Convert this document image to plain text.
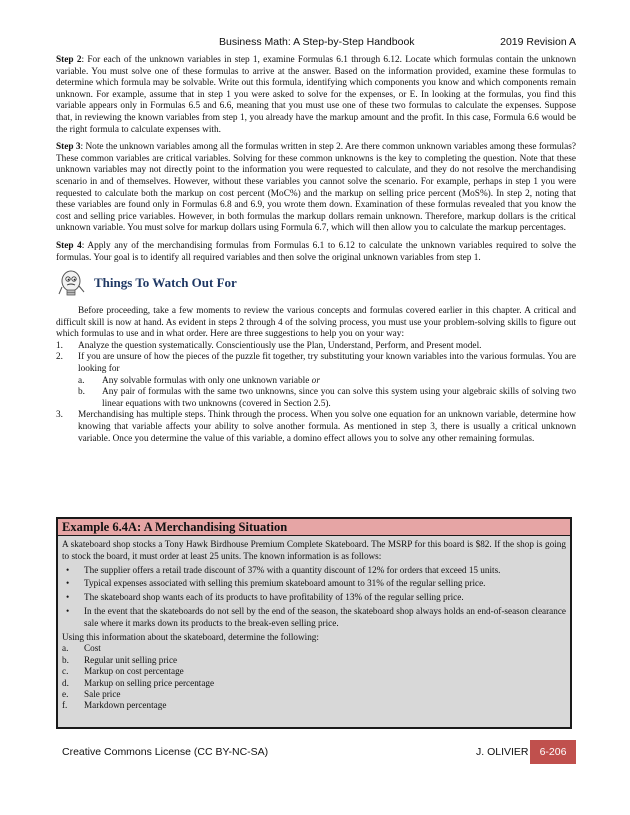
Business Math: A Step-by-Step Handbook	2019 Revision A

Step 2: For each of the unknown variables in step 1, examine Formulas 6.1 through 6.12. Locate which formulas contain the unknown variable. You must solve one of these formulas to arrive at the answer. Based on the information provided, examine these formulas to determine which formula may be solvable. Write out this formula, identifying which components you know and which components remain unknown. For example, assume that in step 1 you were asked to solve for the expenses, or E. In looking at the formulas, you find this variable appears only in Formulas 6.5 and 6.6, meaning that you must use one of these two formulas to calculate the expenses. Suppose that, in reviewing the known variables from step 1, you already have the markup amount and the profit. In this case, Formula 6.6 would be the right formula to calculate expenses with.

Step 3: Note the unknown variables among all the formulas written in step 2. Are there common unknown variables among these formulas? These common variables are critical variables. Solving for these common unknowns is the key to completing the question. Note that these unknown variables may not directly point to the information you were requested to calculate, and they do not resolve the merchandising scenario in and of themselves. However, without these variables you cannot solve the scenario. For example, perhaps in step 1 you were requested to calculate both the markup on cost percent (MoC%) and the markup on selling price percent (MoS%). In step 2, noting that these variables are found only in Formulas 6.8 and 6.9, you wrote them down. Examination of these formulas revealed that you know the cost and selling price variables. However, in both formulas the markup dollars remain unknown. Therefore, markup dollars is the critical unknown variable. You must solve for markup dollars using Formula 6.7, which will then allow you to calculate the markup percentages.

Step 4: Apply any of the merchandising formulas from Formulas 6.1 to 6.12 to calculate the unknown variables required to solve the formulas. Your goal is to identify all required variables and then solve the original unknown variables from step 1.

Things To Watch Out For

Before proceeding, take a few moments to review the various concepts and formulas covered earlier in this chapter. A critical and difficult skill is now at hand. As evident in steps 2 through 4 of the solving process, you must use your problem-solving skills to figure out which formulas to use and in what order. Here are three suggestions to help you on your way:

1. Analyze the question systematically. Conscientiously use the Plan, Understand, Perform, and Present model.
2. If you are unsure of how the pieces of the puzzle fit together, try substituting your known variables into the various formulas. You are looking for
a. Any solvable formulas with only one unknown variable or
b. Any pair of formulas with the same two unknowns, since you can solve this system using your algebraic skills of solving two linear equations with two unknowns (covered in Section 2.5).
3. Merchandising has multiple steps. Think through the process. When you solve one equation for an unknown variable, determine how knowing that variable affects your ability to solve another formula. As mentioned in step 3, there is usually a critical unknown variable. Once you determine the value of this variable, a domino effect allows you to solve any other remaining formulas.
Example 6.4A: A Merchandising Situation

A skateboard shop stocks a Tony Hawk Birdhouse Premium Complete Skateboard. The MSRP for this board is $82. If the shop is going to stock the board, it must order at least 25 units. The known information is as follows:

• The supplier offers a retail trade discount of 37% with a quantity discount of 12% for orders that exceed 15 units.
• Typical expenses associated with selling this premium skateboard amount to 31% of the regular selling price.
• The skateboard shop wants each of its products to have profitability of 13% of the regular selling price.
• In the event that the skateboards do not sell by the end of the season, the skateboard shop always holds an end-of-season clearance sale where it marks down its products to the break-even selling price.

Using this information about the skateboard, determine the following:

a. Cost
b. Regular unit selling price
c. Markup on cost percentage
d. Markup on selling price percentage
e. Sale price
f. Markdown percentage
Creative Commons License (CC BY-NC-SA)	J. OLIVIER	6-206
